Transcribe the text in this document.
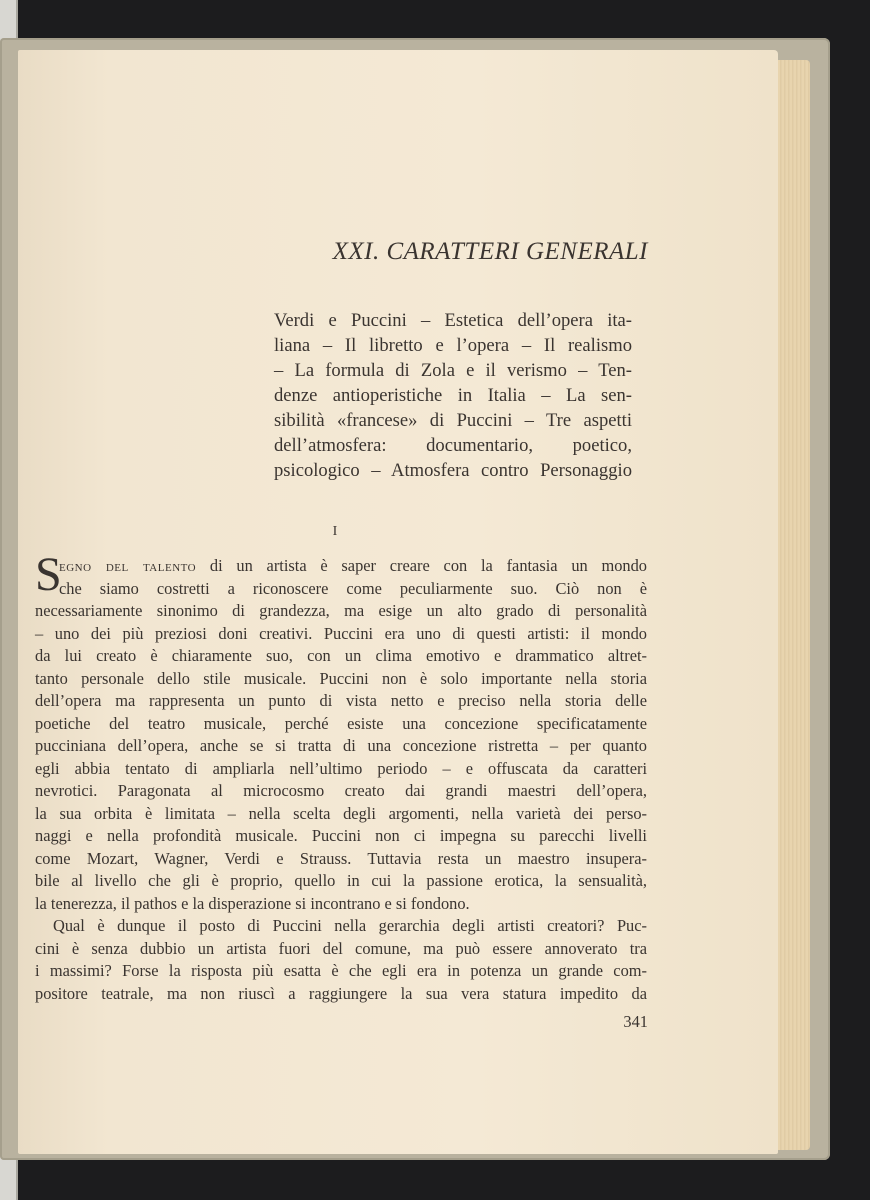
XXI. CARATTERI GENERALI
Verdi e Puccini – Estetica dell’opera ita-
liana – Il libretto e l’opera – Il realismo
– La formula di Zola e il verismo – Ten-
denze antioperistiche in Italia – La sen-
sibilità «francese» di Puccini – Tre aspetti
dell’atmosfera: documentario, poetico,
psicologico – Atmosfera contro Personaggio
I
S
egno del talento di un artista è saper creare con la fantasia un mondo
che siamo costretti a riconoscere come peculiarmente suo. Ciò non è
necessariamente sinonimo di grandezza, ma esige un alto grado di personalità
– uno dei più preziosi doni creativi. Puccini era uno di questi artisti: il mondo
da lui creato è chiaramente suo, con un clima emotivo e drammatico altret-
tanto personale dello stile musicale. Puccini non è solo importante nella storia
dell’opera ma rappresenta un punto di vista netto e preciso nella storia delle
poetiche del teatro musicale, perché esiste una concezione specificatamente
pucciniana dell’opera, anche se si tratta di una concezione ristretta – per quanto
egli abbia tentato di ampliarla nell’ultimo periodo – e offuscata da caratteri
nevrotici. Paragonata al microcosmo creato dai grandi maestri dell’opera,
la sua orbita è limitata – nella scelta degli argomenti, nella varietà dei perso-
naggi e nella profondità musicale. Puccini non ci impegna su parecchi livelli
come Mozart, Wagner, Verdi e Strauss. Tuttavia resta un maestro insupera-
bile al livello che gli è proprio, quello in cui la passione erotica, la sensualità,
la tenerezza, il pathos e la disperazione si incontrano e si fondono.
Qual è dunque il posto di Puccini nella gerarchia degli artisti creatori? Puc-
cini è senza dubbio un artista fuori del comune, ma può essere annoverato tra
i massimi? Forse la risposta più esatta è che egli era in potenza un grande com-
positore teatrale, ma non riuscì a raggiungere la sua vera statura impedito da
341
